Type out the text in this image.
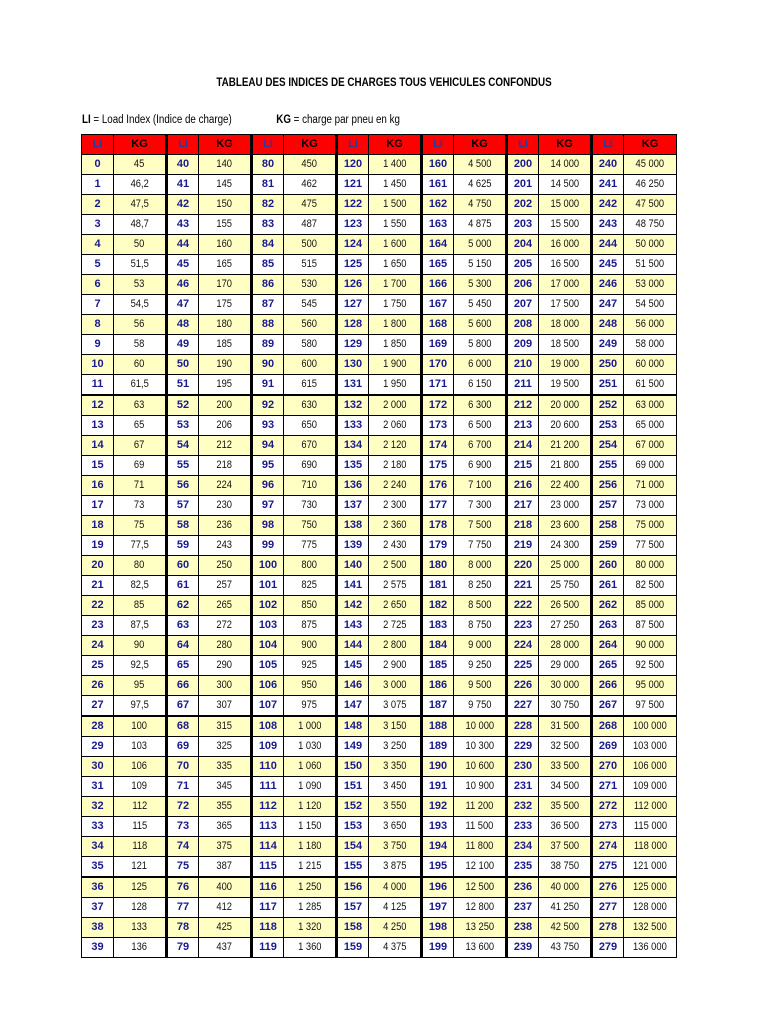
TABLEAU DES INDICES DE CHARGES TOUS VEHICULES CONFONDUS
LI = Load Index (Indice de charge)	KG = charge par pneu en kg
LI	KG	LI	KG	LI	KG	LI	KG	LI	KG	LI	KG	LI	KG
0	45	40	140	80	450	120	1 400	160	4 500	200	14 000	240	45 000
1	46,2	41	145	81	462	121	1 450	161	4 625	201	14 500	241	46 250
2	47,5	42	150	82	475	122	1 500	162	4 750	202	15 000	242	47 500
3	48,7	43	155	83	487	123	1 550	163	4 875	203	15 500	243	48 750
4	50	44	160	84	500	124	1 600	164	5 000	204	16 000	244	50 000
5	51,5	45	165	85	515	125	1 650	165	5 150	205	16 500	245	51 500
6	53	46	170	86	530	126	1 700	166	5 300	206	17 000	246	53 000
7	54,5	47	175	87	545	127	1 750	167	5 450	207	17 500	247	54 500
8	56	48	180	88	560	128	1 800	168	5 600	208	18 000	248	56 000
9	58	49	185	89	580	129	1 850	169	5 800	209	18 500	249	58 000
10	60	50	190	90	600	130	1 900	170	6 000	210	19 000	250	60 000
11	61,5	51	195	91	615	131	1 950	171	6 150	211	19 500	251	61 500
12	63	52	200	92	630	132	2 000	172	6 300	212	20 000	252	63 000
13	65	53	206	93	650	133	2 060	173	6 500	213	20 600	253	65 000
14	67	54	212	94	670	134	2 120	174	6 700	214	21 200	254	67 000
15	69	55	218	95	690	135	2 180	175	6 900	215	21 800	255	69 000
16	71	56	224	96	710	136	2 240	176	7 100	216	22 400	256	71 000
17	73	57	230	97	730	137	2 300	177	7 300	217	23 000	257	73 000
18	75	58	236	98	750	138	2 360	178	7 500	218	23 600	258	75 000
19	77,5	59	243	99	775	139	2 430	179	7 750	219	24 300	259	77 500
20	80	60	250	100	800	140	2 500	180	8 000	220	25 000	260	80 000
21	82,5	61	257	101	825	141	2 575	181	8 250	221	25 750	261	82 500
22	85	62	265	102	850	142	2 650	182	8 500	222	26 500	262	85 000
23	87,5	63	272	103	875	143	2 725	183	8 750	223	27 250	263	87 500
24	90	64	280	104	900	144	2 800	184	9 000	224	28 000	264	90 000
25	92,5	65	290	105	925	145	2 900	185	9 250	225	29 000	265	92 500
26	95	66	300	106	950	146	3 000	186	9 500	226	30 000	266	95 000
27	97,5	67	307	107	975	147	3 075	187	9 750	227	30 750	267	97 500
28	100	68	315	108	1 000	148	3 150	188	10 000	228	31 500	268	100 000
29	103	69	325	109	1 030	149	3 250	189	10 300	229	32 500	269	103 000
30	106	70	335	110	1 060	150	3 350	190	10 600	230	33 500	270	106 000
31	109	71	345	111	1 090	151	3 450	191	10 900	231	34 500	271	109 000
32	112	72	355	112	1 120	152	3 550	192	11 200	232	35 500	272	112 000
33	115	73	365	113	1 150	153	3 650	193	11 500	233	36 500	273	115 000
34	118	74	375	114	1 180	154	3 750	194	11 800	234	37 500	274	118 000
35	121	75	387	115	1 215	155	3 875	195	12 100	235	38 750	275	121 000
36	125	76	400	116	1 250	156	4 000	196	12 500	236	40 000	276	125 000
37	128	77	412	117	1 285	157	4 125	197	12 800	237	41 250	277	128 000
38	133	78	425	118	1 320	158	4 250	198	13 250	238	42 500	278	132 500
39	136	79	437	119	1 360	159	4 375	199	13 600	239	43 750	279	136 000
